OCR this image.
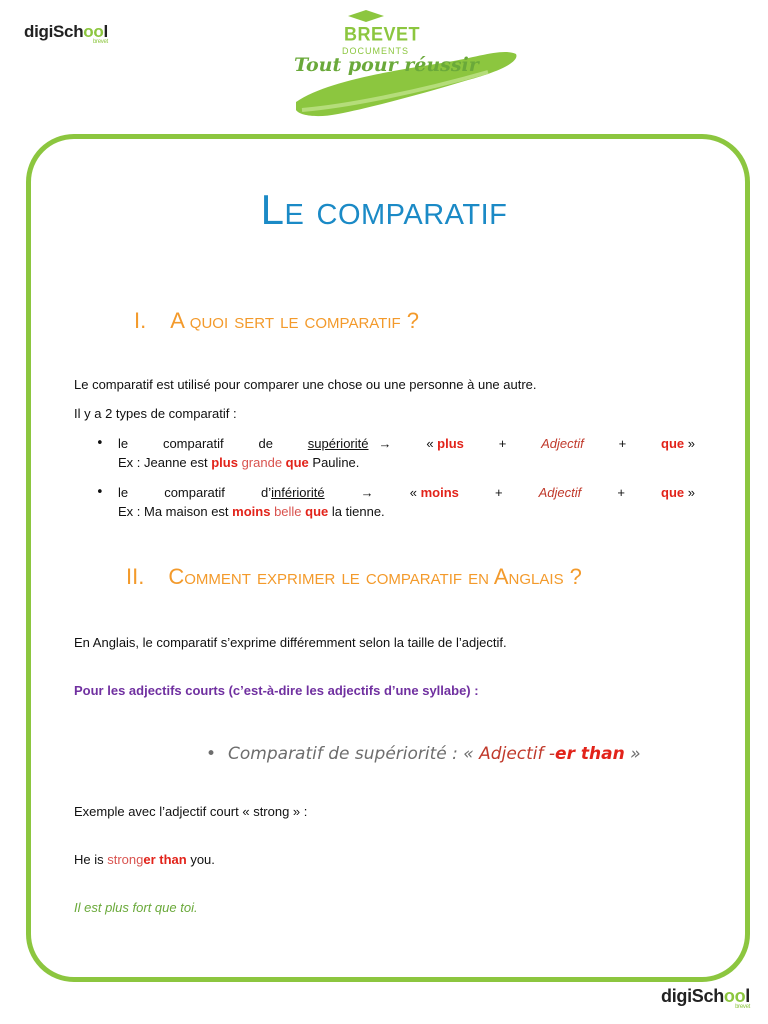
digiSchool
brevet	BREVET
DOCUMENTS
Tout pour réussir
Le comparatif
I. A quoi sert le comparatif ?
Le comparatif est utilisé pour comparer une chose ou une personne à une autre.
Il y a 2 types de comparatif :
• le	comparatif	de	supériorité →	« plus	+	Adjectif	+	que »
Ex : Jeanne est plus grande que Pauline.
• le	comparatif	d’infériorité	→	« moins	+	Adjectif	+	que »
Ex : Ma maison est moins belle que la tienne.
II. Comment exprimer le comparatif en Anglais ?
En Anglais, le comparatif s’exprime différemment selon la taille de l’adjectif.
Pour les adjectifs courts (c’est-à-dire les adjectifs d’une syllabe) :
• Comparatif de supériorité : « Adjectif -er than »
Exemple avec l’adjectif court « strong » :
He is stronger than you.
Il est plus fort que toi.
digiSchool
brevet
